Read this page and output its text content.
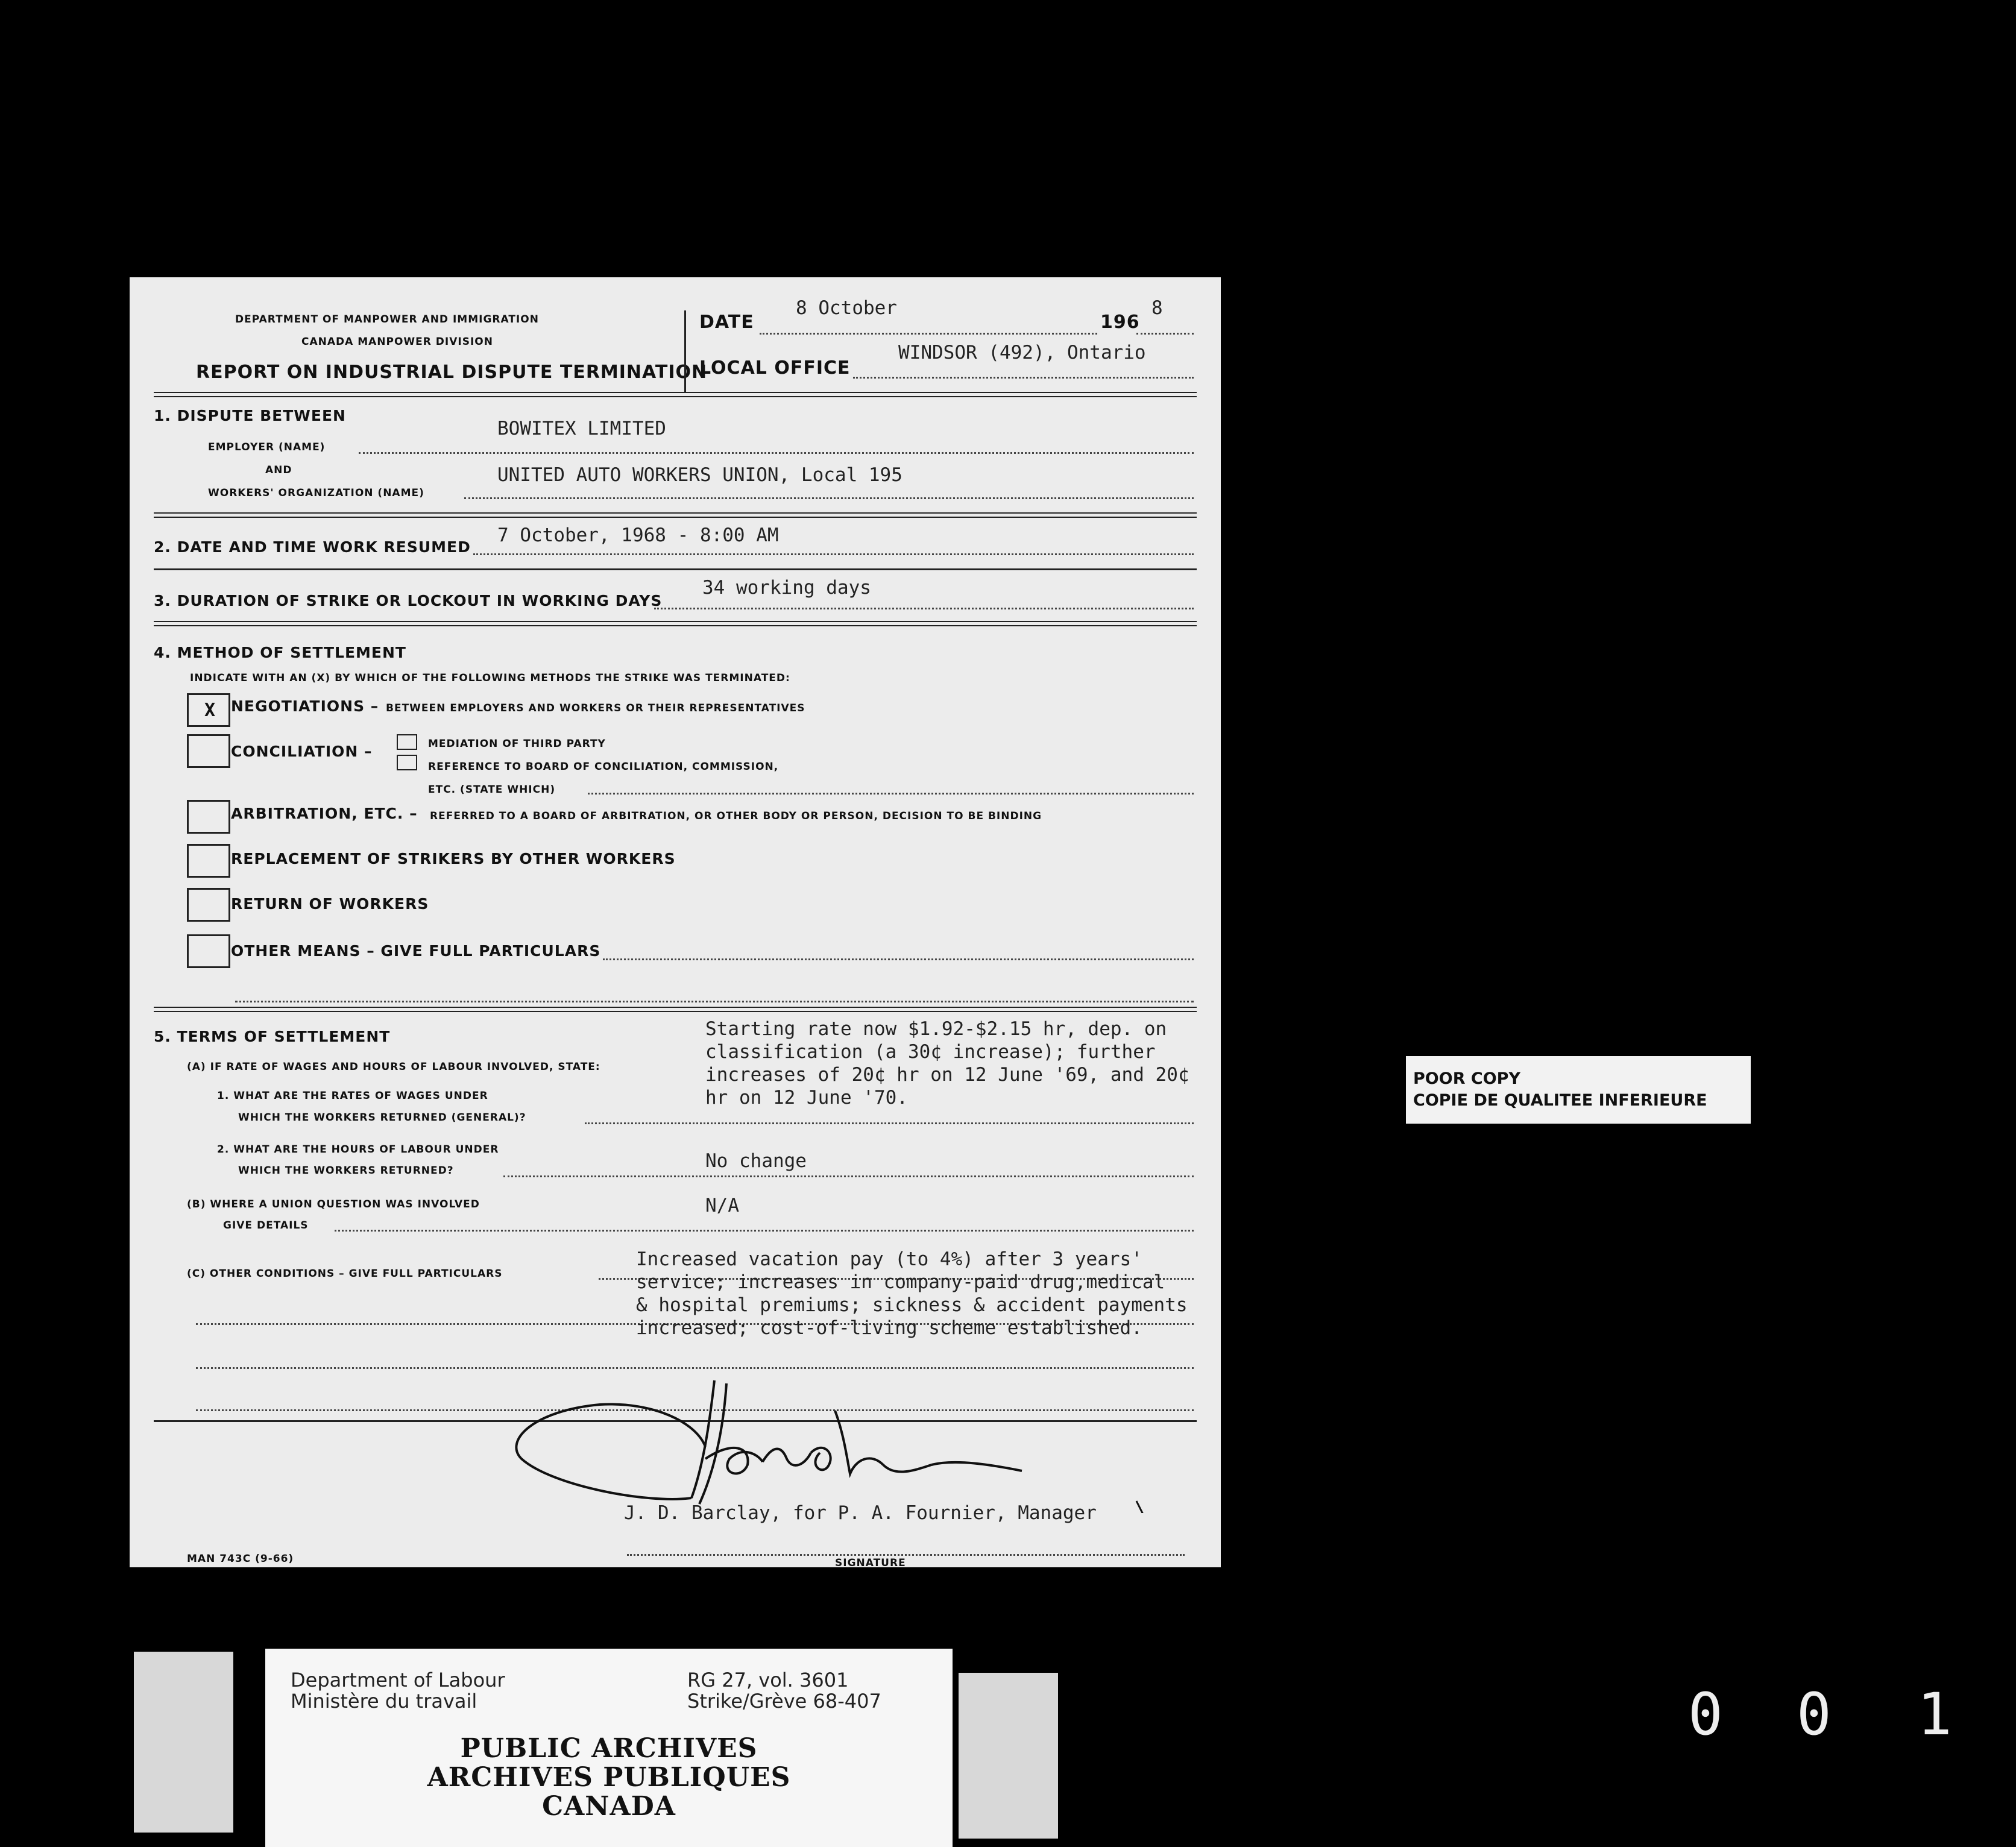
DEPARTMENT OF MANPOWER AND IMMIGRATION
CANADA MANPOWER DIVISION
REPORT ON INDUSTRIAL DISPUTE TERMINATION
DATE
8 October
196
8
LOCAL OFFICE
WINDSOR (492), Ontario
1. DISPUTE BETWEEN
EMPLOYER (NAME)
BOWITEX LIMITED
AND
WORKERS' ORGANIZATION (NAME)
UNITED AUTO WORKERS UNION, Local 195
2. DATE AND TIME WORK RESUMED
7 October, 1968 - 8:00 AM
3. DURATION OF STRIKE OR LOCKOUT IN WORKING DAYS
34 working days
4. METHOD OF SETTLEMENT
INDICATE WITH AN (X) BY WHICH OF THE FOLLOWING METHODS THE STRIKE WAS TERMINATED:
X NEGOTIATIONS – BETWEEN EMPLOYERS AND WORKERS OR THEIR REPRESENTATIVES
CONCILIATION –	MEDIATION OF THIRD PARTY
REFERENCE TO BOARD OF CONCILIATION, COMMISSION,
ETC. (STATE WHICH)
ARBITRATION, ETC. – REFERRED TO A BOARD OF ARBITRATION, OR OTHER BODY OR PERSON, DECISION TO BE BINDING
REPLACEMENT OF STRIKERS BY OTHER WORKERS
RETURN OF WORKERS
OTHER MEANS – GIVE FULL PARTICULARS
5. TERMS OF SETTLEMENT
(A) IF RATE OF WAGES AND HOURS OF LABOUR INVOLVED, STATE:
1. WHAT ARE THE RATES OF WAGES UNDER
WHICH THE WORKERS RETURNED (GENERAL)?
Starting rate now $1.92-$2.15 hr, dep. on
classification (a 30¢ increase); further
increases of 20¢ hr on 12 June '69, and 20¢
hr on 12 June '70.
2. WHAT ARE THE HOURS OF LABOUR UNDER
WHICH THE WORKERS RETURNED?	No change
(B) WHERE A UNION QUESTION WAS INVOLVED
GIVE DETAILS
N/A
(C) OTHER CONDITIONS – GIVE FULL PARTICULARS
Increased vacation pay (to 4%) after 3 years'
service; increases in company-paid drug,medical
& hospital premiums; sickness & accident payments
increased; cost-of-living scheme established.
J. D. Barclay, for P. A. Fournier, Manager
SIGNATURE
MAN 743C (9-66)
POOR COPY
COPIE DE QUALITEE INFERIEURE
Department of Labour
Ministère du travail
RG 27, vol. 3601
Strike/Grève 68-407
PUBLIC ARCHIVES
ARCHIVES PUBLIQUES
CANADA
0 0 1
